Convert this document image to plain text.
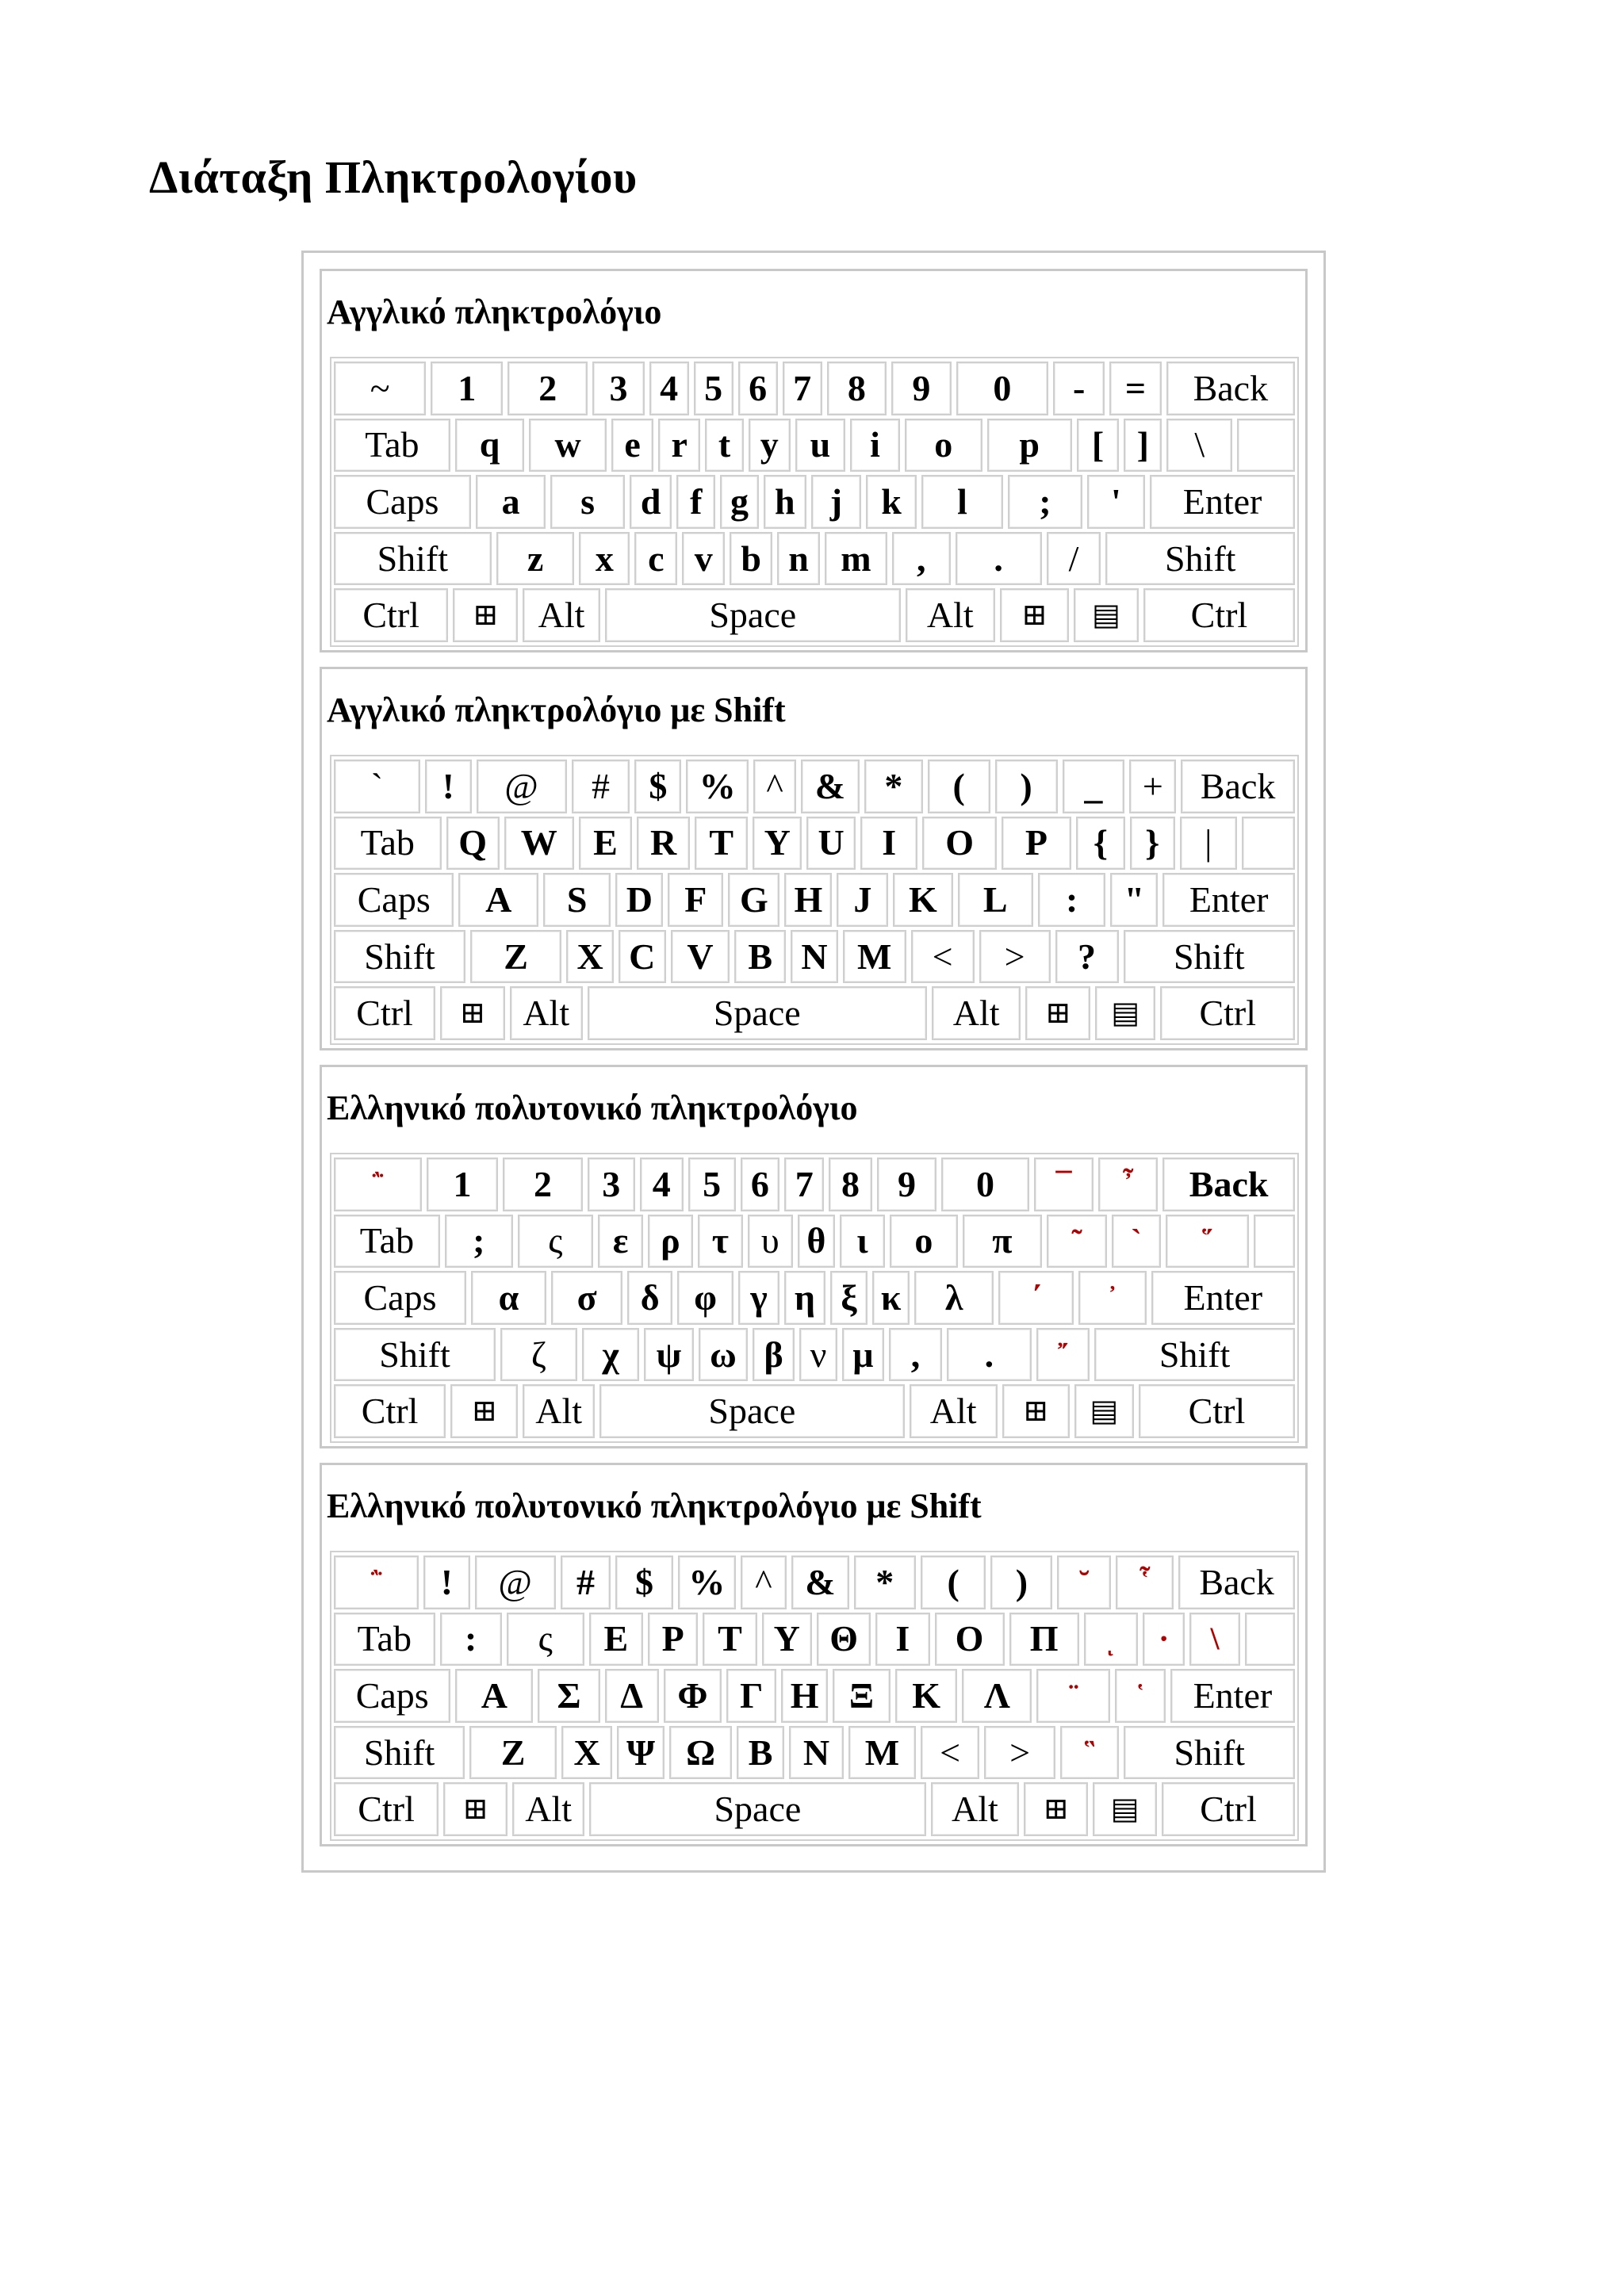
Διάταξη Πληκτρολογίου
Αγγλικό πληκτρολόγιο
~	1	2	3 4 5 6 7 8	9	0	-	=	Back
Tab	q	w	e r t y u	i	o	p	[ ]	\
Caps	a	s	d f g h j	k	l	;	'	Enter
Shift	z	x c v b n m	,	.	/	Shift
Ctrl	⊞	Alt	Space	Alt	⊞	▤	Ctrl
Αγγλικό πληκτρολόγιο με Shift
`	!	@	#	$ % ^ &	*	(	)	_	+	Back
Tab	Q W E R T Y U	I	O	P	{	}	|
Caps	A	S	D F G H J	K	L	:	"	Enter
Shift	Z	X C V B N M	<	>	?	Shift
Ctrl	⊞	Alt	Space	Alt	⊞	▤	Ctrl
Ελληνικό πολυτονικό πληκτρολόγιο
῭	1	2	3 4 5 6 7 8	9	0	¯	῏	Back
Tab	;	ς	ε ρ τ υ θ ι	ο	π	῀	`	῞
Caps	α	σ	δ φ γ η ξ κ	λ	΄	᾿	Enter
Shift	ζ	χ	ψ ω β ν μ	,	.	῎	Shift
Ctrl	⊞	Alt	Space	Alt	⊞	▤	Ctrl
Ελληνικό πολυτονικό πληκτρολόγιο με Shift
῭	!	@	#	$ % ^ &	*	(	)	˘	῟	Back
Tab	:	ς	Ε Ρ Τ Υ Θ	Ι	Ο	Π	ͺ	·	\
Caps	Α	Σ	Δ Φ Γ Η Ξ	Κ	Λ	¨	῾	Enter
Shift	Ζ	Χ Ψ Ω Β Ν Μ	<	>	῝	Shift
Ctrl	⊞	Alt	Space	Alt	⊞	▤	Ctrl
